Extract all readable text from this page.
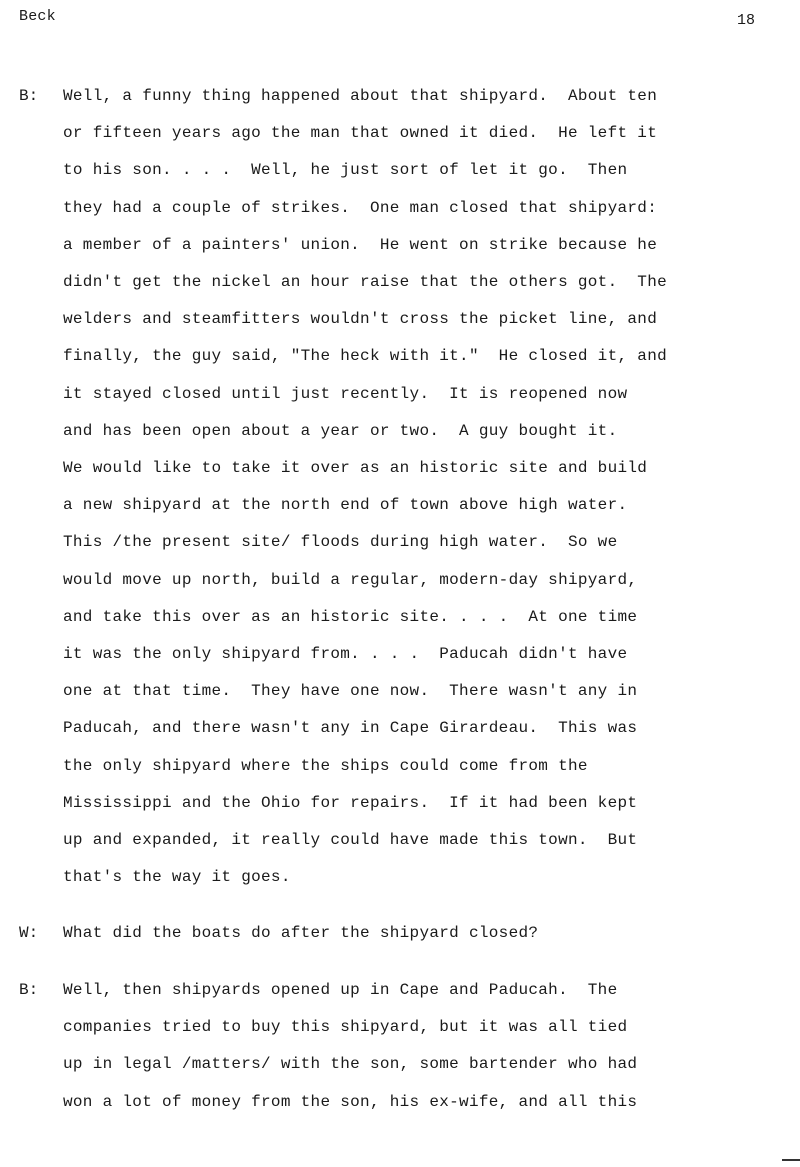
Beck	18
B: Well, a funny thing happened about that shipyard.  About ten
or fifteen years ago the man that owned it died.  He left it
to his son. . . .  Well, he just sort of let it go.  Then
they had a couple of strikes.  One man closed that shipyard:
a member of a painters' union.  He went on strike because he
didn't get the nickel an hour raise that the others got.  The
welders and steamfitters wouldn't cross the picket line, and
finally, the guy said, "The heck with it."  He closed it, and
it stayed closed until just recently.  It is reopened now
and has been open about a year or two.  A guy bought it.
We would like to take it over as an historic site and build
a new shipyard at the north end of town above high water.
This /the present site/ floods during high water.  So we
would move up north, build a regular, modern-day shipyard,
and take this over as an historic site. . . .  At one time
it was the only shipyard from. . . .  Paducah didn't have
one at that time.  They have one now.  There wasn't any in
Paducah, and there wasn't any in Cape Girardeau.  This was
the only shipyard where the ships could come from the
Mississippi and the Ohio for repairs.  If it had been kept
up and expanded, it really could have made this town.  But
that's the way it goes.
W: What did the boats do after the shipyard closed?
B: Well, then shipyards opened up in Cape and Paducah.  The
companies tried to buy this shipyard, but it was all tied
up in legal /matters/ with the son, some bartender who had
won a lot of money from the son, his ex-wife, and all this
